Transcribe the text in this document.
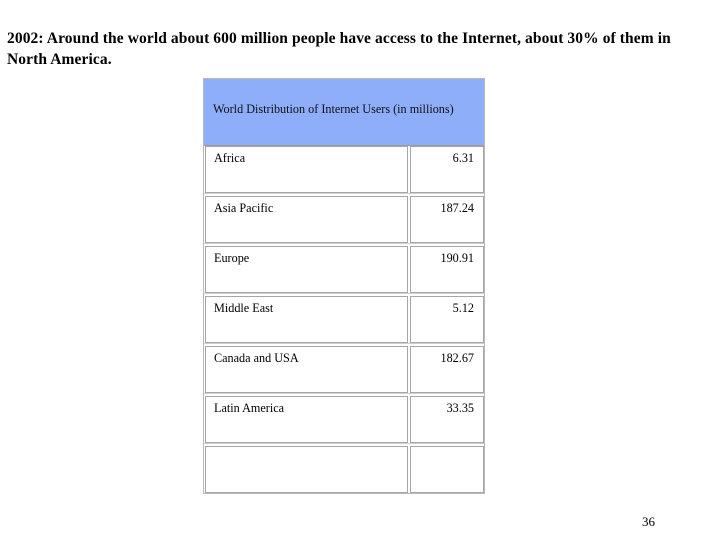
2002: Around the world about 600 million people have access to the Internet, about 30% of them in North America.
World Distribution of Internet Users (in millions)
Africa	6.31
Asia Pacific	187.24
Europe	190.91
Middle East	5.12
Canada and USA	182.67
Latin America	33.35
36
